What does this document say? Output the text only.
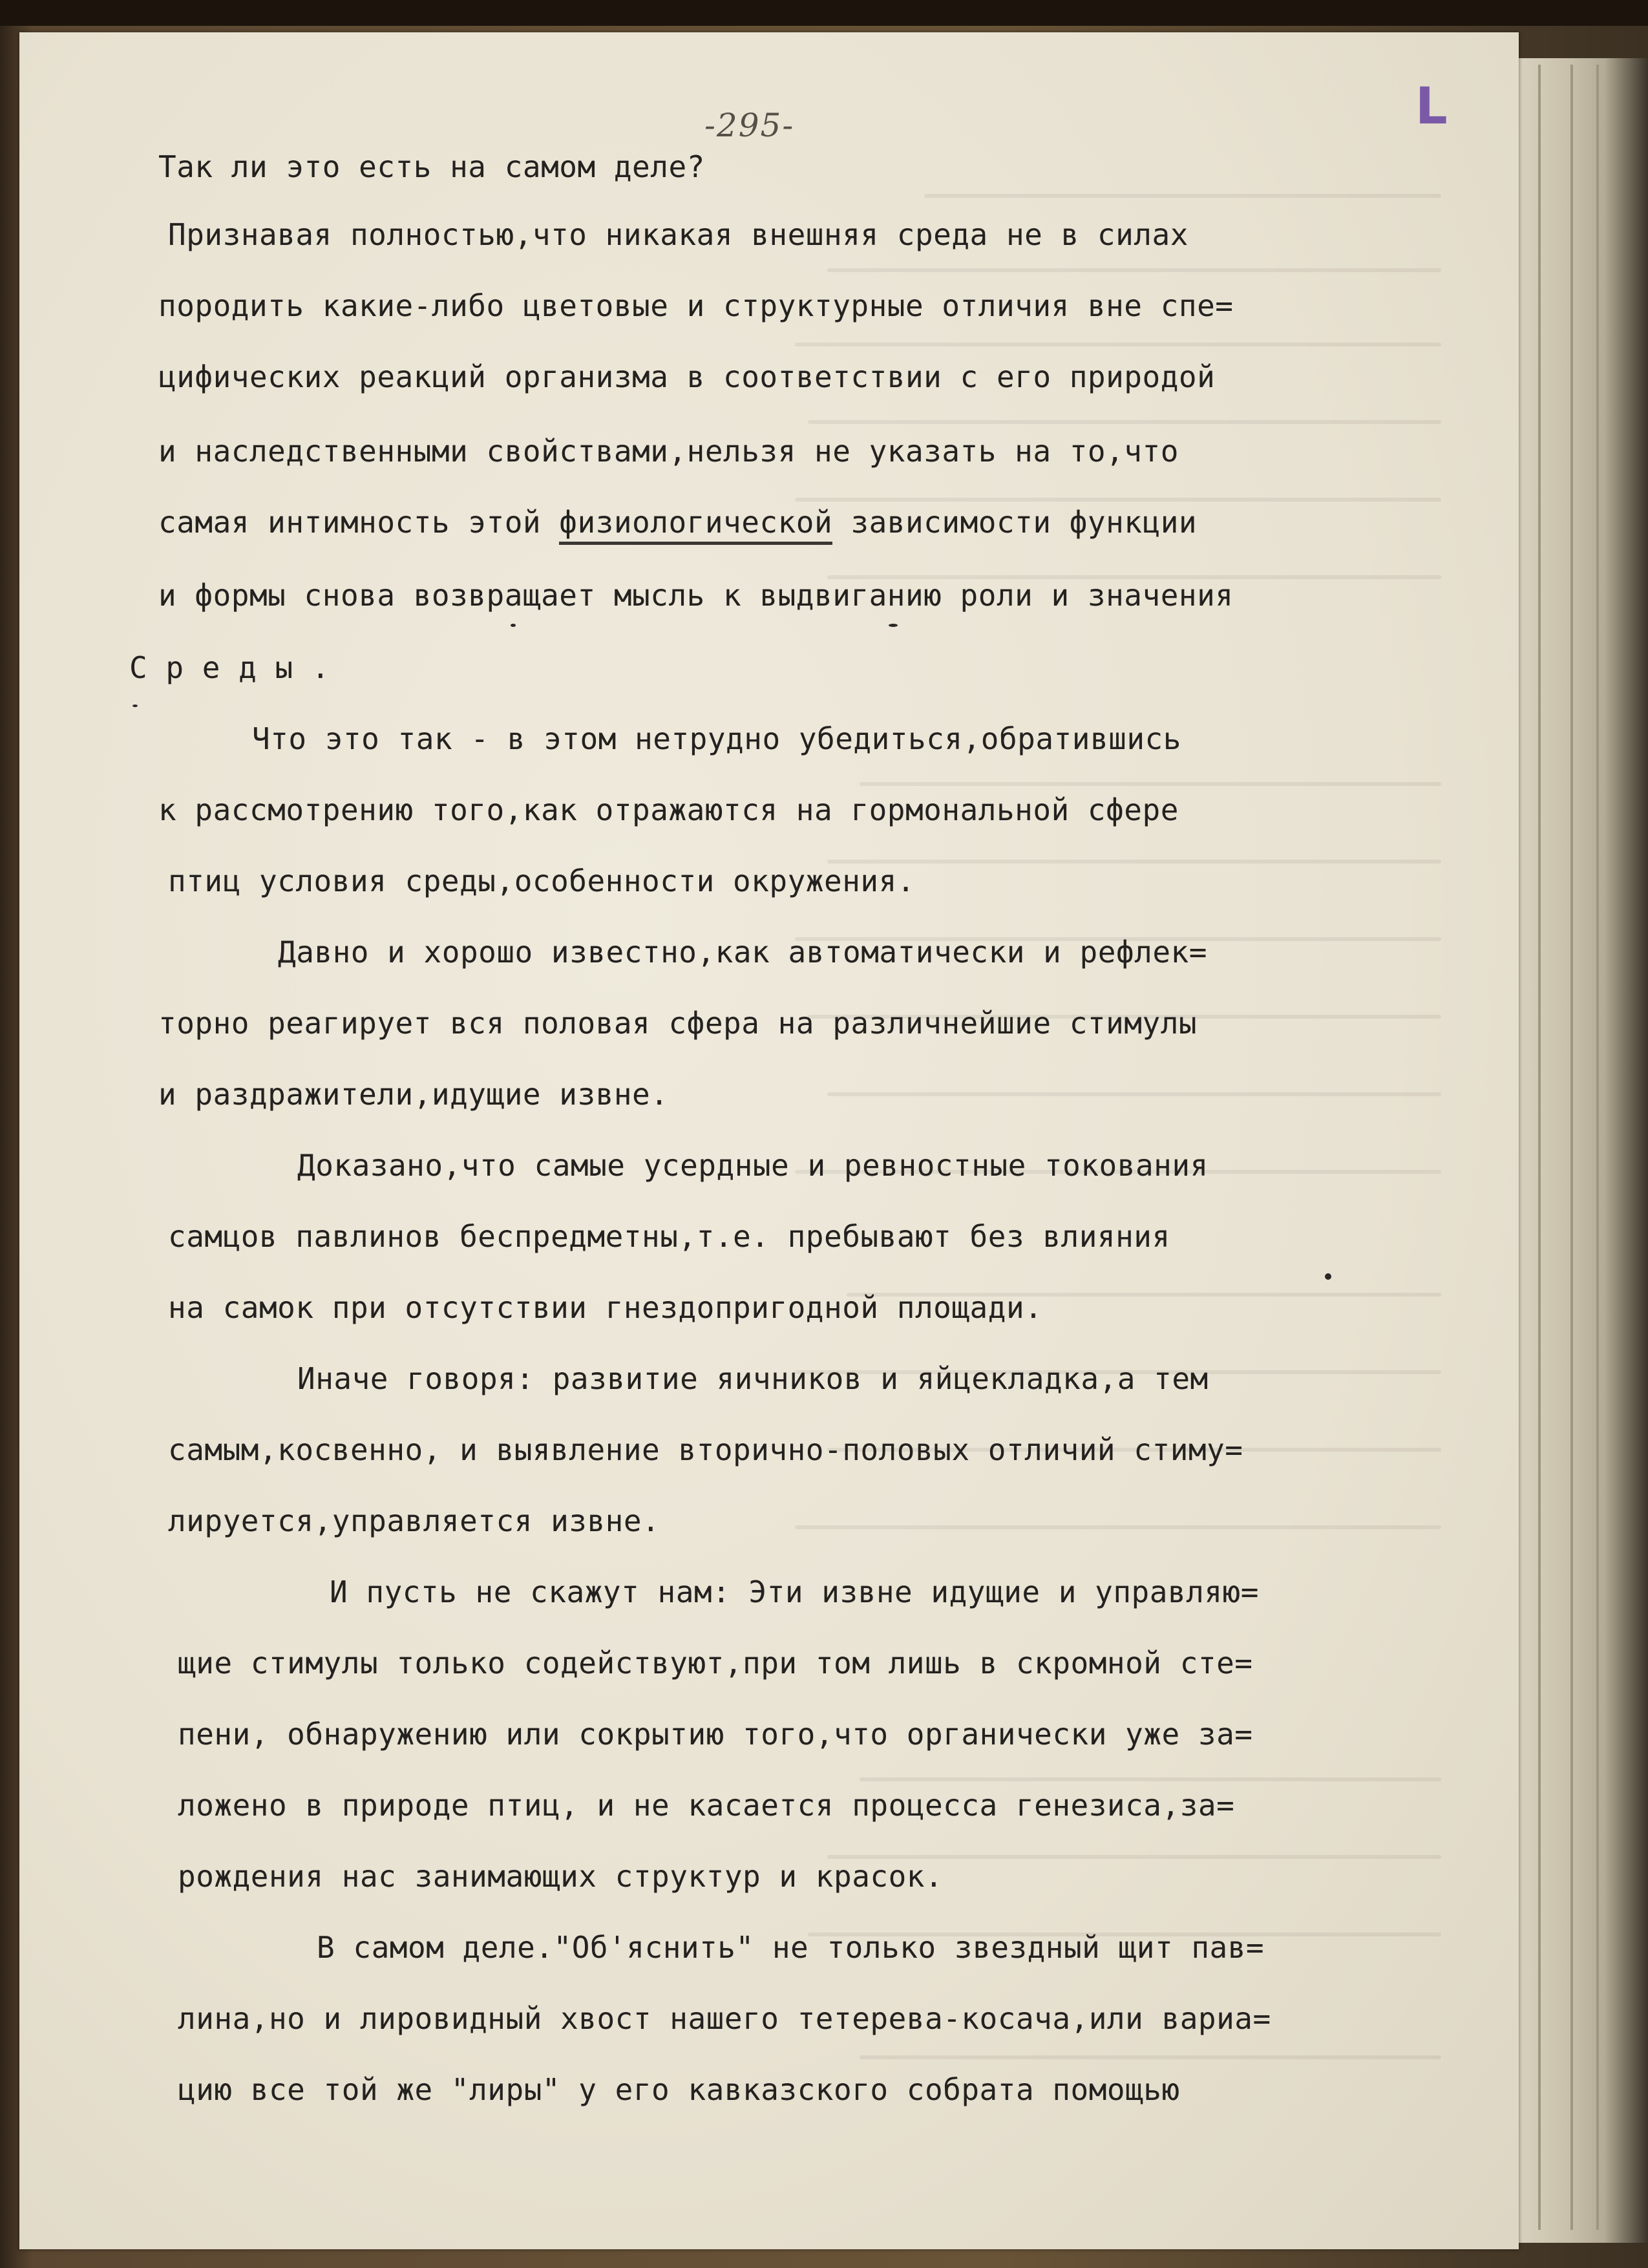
-295-	L
Так ли это есть на самом деле?
Признавая полностью,что никакая внешняя среда не в силах
породить какие-либо цветовые и структурные отличия вне спе=
цифических реакций организма в соответствии с его природой
и наследственными свойствами,нельзя не указать на то,что
самая интимность этой физиологической зависимости функции
и формы снова возвращает мысль к выдвиганию роли и значения
С р е д ы .
Что это так - в этом нетрудно убедиться,обратившись
к рассмотрению того,как отражаются на гормональной сфере
птиц условия среды,особенности окружения.
Давно и хорошо известно,как автоматически и рефлек=
торно реагирует вся половая сфера на различнейшие стимулы
и раздражители,идущие извне.
Доказано,что самые усердные и ревностные токования
самцов павлинов беспредметны,т.е. пребывают без влияния
на самок при отсутствии гнездопригодной площади.
Иначе говоря: развитие яичников и яйцекладка,а тем
самым,косвенно, и выявление вторично-половых отличий стиму=
лируется,управляется извне.
И пусть не скажут нам: Эти извне идущие и управляю=
щие стимулы только содействуют,при том лишь в скромной сте=
пени, обнаружению или сокрытию того,что органически уже за=
ложено в природе птиц, и не касается процесса генезиса,за=
рождения нас занимающих структур и красок.
В самом деле."Об'яснить" не только звездный щит пав=
лина,но и лировидный хвост нашего тетерева-косача,или вариа=
цию все той же "лиры" у его кавказского собрата помощью
